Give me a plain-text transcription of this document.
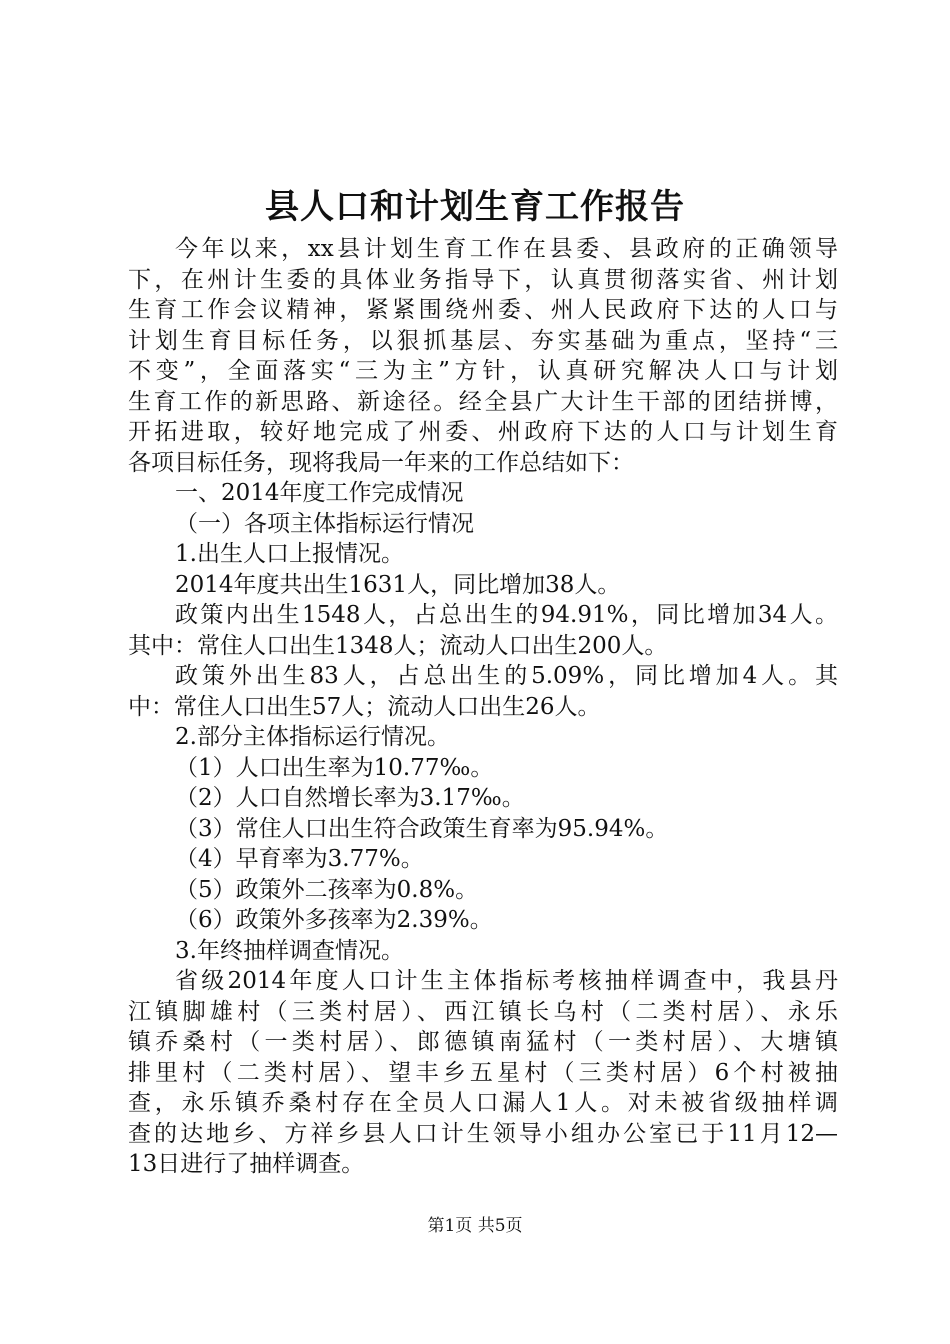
县人口和计划生育工作报告
今年以来，xx县计划生育工作在县委、县政府的正确领导
下，在州计生委的具体业务指导下，认真贯彻落实省、州计划
生育工作会议精神，紧紧围绕州委、州人民政府下达的人口与
计划生育目标任务，以狠抓基层、夯实基础为重点，坚持“三
不变”，全面落实“三为主”方针，认真研究解决人口与计划
生育工作的新思路、新途径。经全县广大计生干部的团结拼博，
开拓进取，较好地完成了州委、州政府下达的人口与计划生育
各项目标任务，现将我局一年来的工作总结如下：
一、2014年度工作完成情况
（一）各项主体指标运行情况
1.出生人口上报情况。
2014年度共出生1631人，同比增加38人。
政策内出生1548人，占总出生的94.91%，同比增加34人。
其中：常住人口出生1348人；流动人口出生200人。
政策外出生83人，占总出生的5.09%，同比增加4人。其
中：常住人口出生57人；流动人口出生26人。
2.部分主体指标运行情况。
（1）人口出生率为10.77‰。
（2）人口自然增长率为3.17‰。
（3）常住人口出生符合政策生育率为95.94%。
（4）早育率为3.77%。
（5）政策外二孩率为0.8%。
（6）政策外多孩率为2.39%。
3.年终抽样调查情况。
省级2014年度人口计生主体指标考核抽样调查中，我县丹
江镇脚雄村（三类村居）、西江镇长乌村（二类村居）、永乐
镇乔桑村（一类村居）、郎德镇南猛村（一类村居）、大塘镇
排里村（二类村居）、望丰乡五星村（三类村居）6个村被抽
查，永乐镇乔桑村存在全员人口漏人1人。对未被省级抽样调
查的达地乡、方祥乡县人口计生领导小组办公室已于11月12—
13日进行了抽样调查。
第1页 共5页
